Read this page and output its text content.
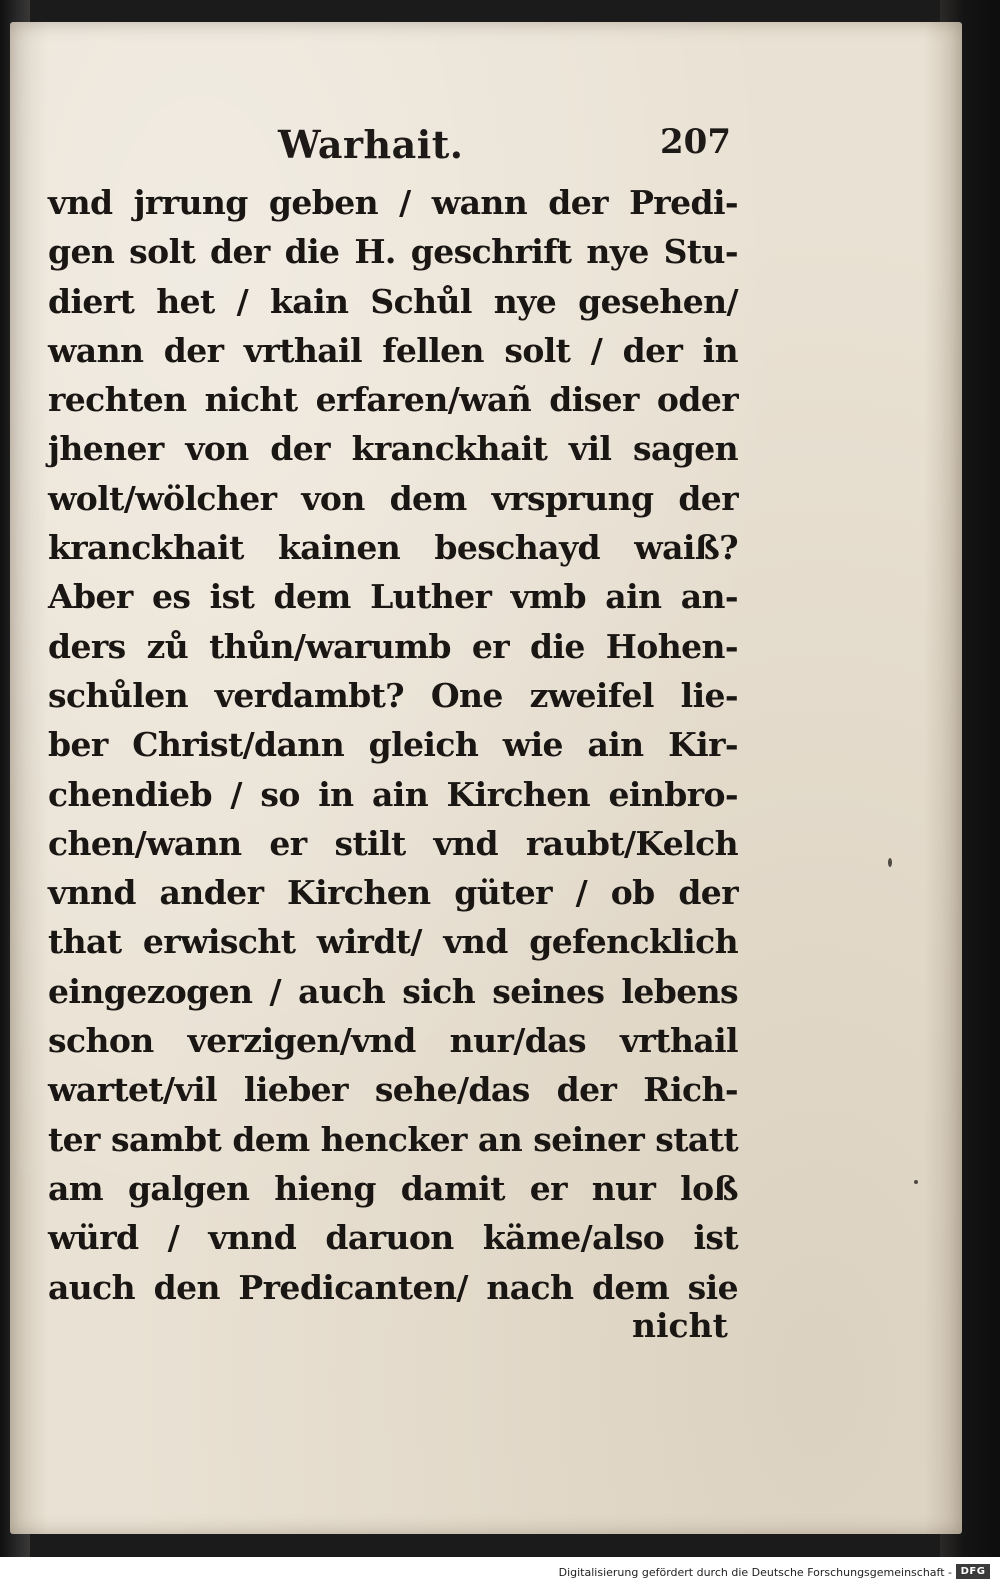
Warhait.	207
vnd jrrung geben / wann der Predi-
gen solt der die H. geschrift nye Stu-
diert het / kain Schůl nye gesehen/
wann der vrthail fellen solt / der in
rechten nicht erfaren/wañ diser oder
jhener von der kranckhait vil sagen
wolt/wölcher von dem vrsprung der
kranckhait kainen beschayd waiß?
Aber es ist dem Luther vmb ain an-
ders zů thůn/warumb er die Hohen-
schůlen verdambt? One zweifel lie-
ber Christ/dann gleich wie ain Kir-
chendieb / so in ain Kirchen einbro-
chen/wann er stilt vnd raubt/Kelch
vnnd ander Kirchen güter / ob der
that erwischt wirdt/ vnd gefencklich
eingezogen / auch sich seines lebens
schon verzigen/vnd nur/das vrthail
wartet/vil lieber sehe/das der Rich-
ter sambt dem hencker an seiner statt
am galgen hieng damit er nur loß
würd / vnnd daruon käme/also ist
auch den Predicanten/ nach dem sie
nicht
Digitalisierung gefördert durch die Deutsche Forschungsgemeinschaft - DFG
